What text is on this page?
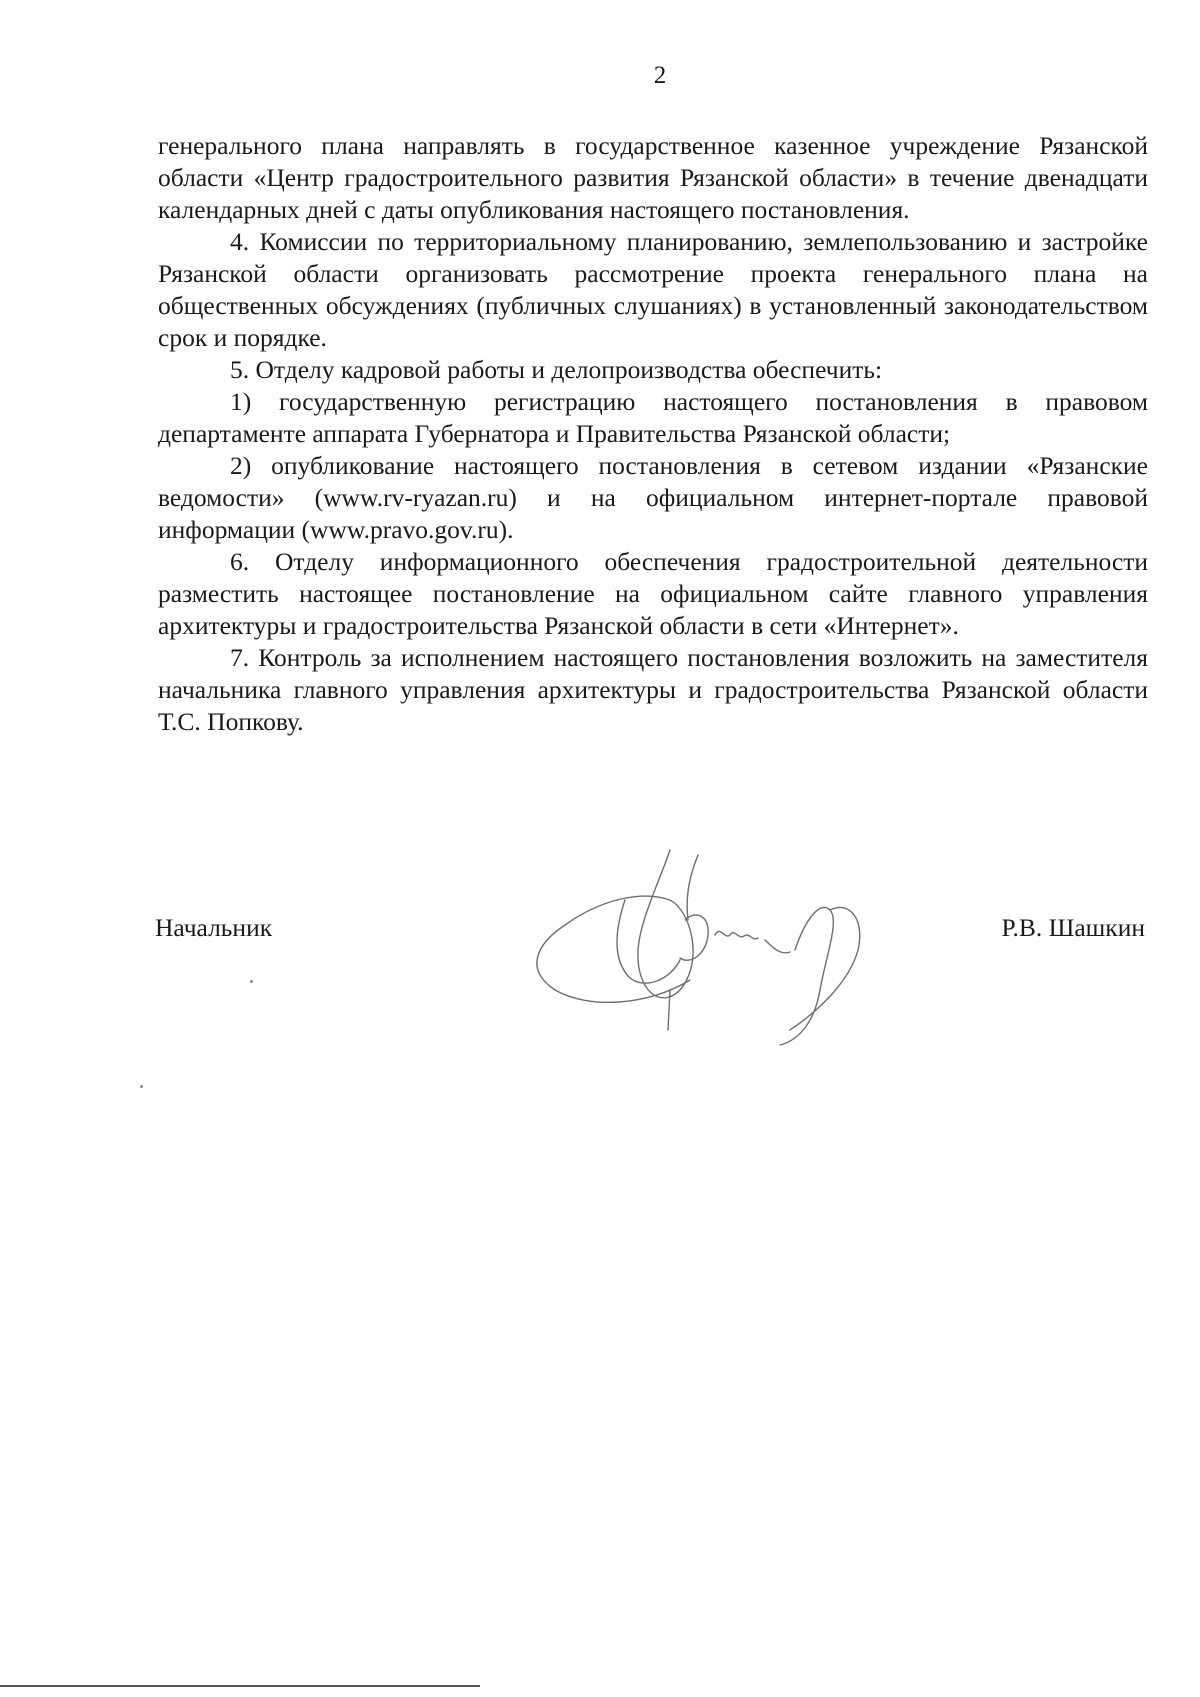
2

генерального плана направлять в государственное казенное учреждение Рязанской области «Центр градостроительного развития Рязанской области» в течение двенадцати календарных дней с даты опубликования настоящего постановления.

4. Комиссии по территориальному планированию, землепользованию и застройке Рязанской области организовать рассмотрение проекта генерального плана на общественных обсуждениях (публичных слушаниях) в установленный законодательством срок и порядке.

5. Отделу кадровой работы и делопроизводства обеспечить:

1) государственную регистрацию настоящего постановления в правовом департаменте аппарата Губернатора и Правительства Рязанской области;

2) опубликование настоящего постановления в сетевом издании «Рязанские ведомости» (www.rv-ryazan.ru) и на официальном интернет-портале правовой информации (www.pravo.gov.ru).

6. Отделу информационного обеспечения градостроительной деятельности разместить настоящее постановление на официальном сайте главного управления архитектуры и градостроительства Рязанской области в сети «Интернет».

7. Контроль за исполнением настоящего постановления возложить на заместителя начальника главного управления архитектуры и градостроительства Рязанской области Т.С. Попкову.

Начальник	Р.В. Шашкин
